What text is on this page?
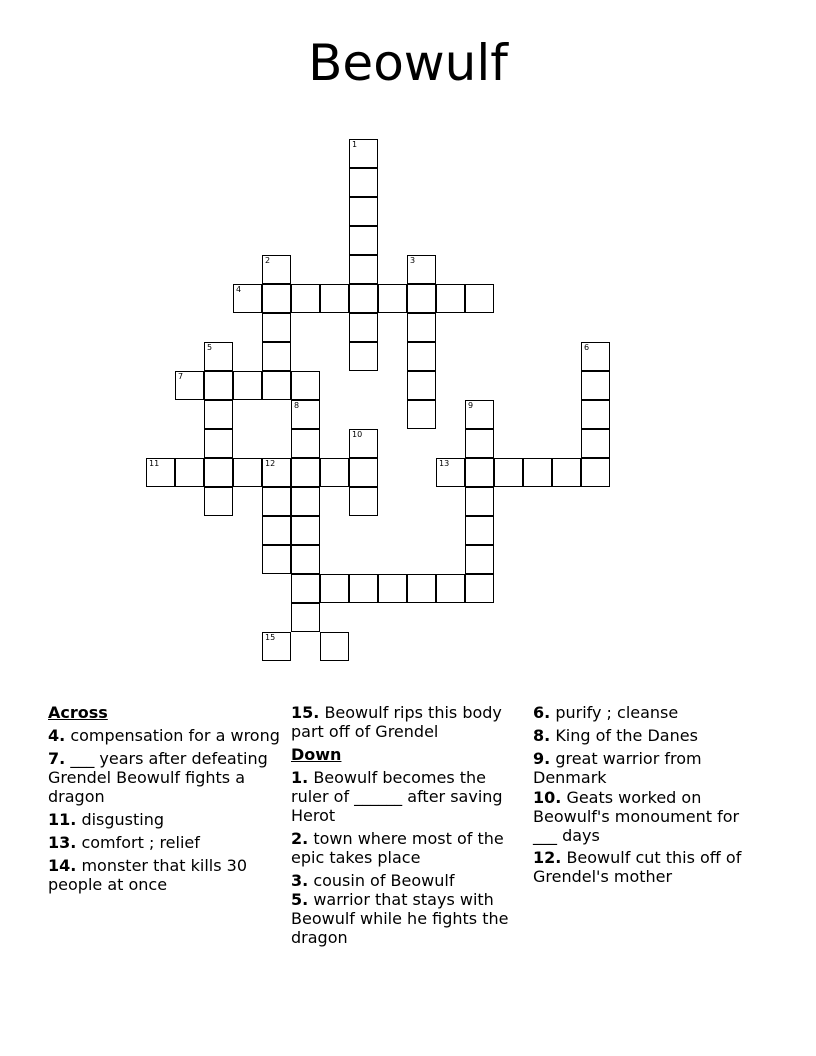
Beowulf
1
2	3
4
5	6
7
8	9
10
11	12	13
15
Across
4. compensation for a wrong
7. ___ years after defeating Grendel Beowulf fights a dragon
11. disgusting
13. comfort ; relief
14. monster that kills 30 people at once
15. Beowulf rips this body part off of Grendel
Down
1. Beowulf becomes the ruler of ______ after saving Herot
2. town where most of the epic takes place
3. cousin of Beowulf
5. warrior that stays with Beowulf while he fights the dragon
6. purify ; cleanse
8. King of the Danes
9. great warrior from Denmark
10. Geats worked on Beowulf's monoument for ___ days
12. Beowulf cut this off of Grendel's mother
